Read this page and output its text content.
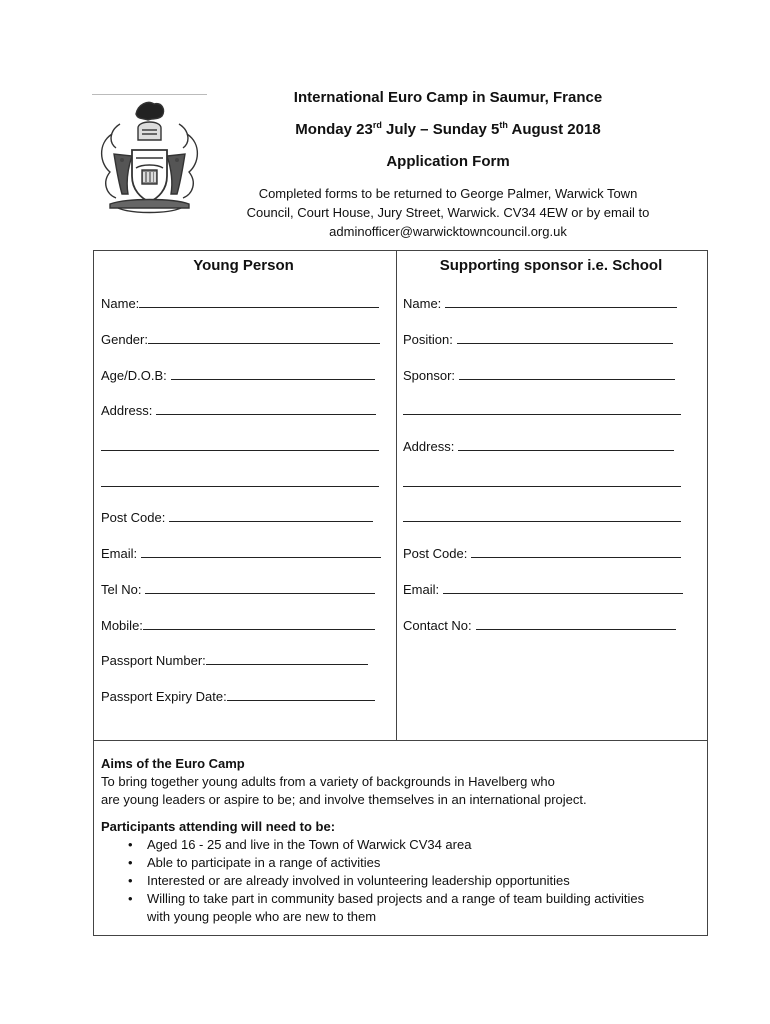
International Euro Camp in Saumur, France

Monday 23rd July – Sunday 5th August 2018

Application Form

Completed forms to be returned to George Palmer, Warwick Town
Council, Court House, Jury Street, Warwick. CV34 4EW or by email to
adminofficer@warwicktowncouncil.org.uk
Young Person
Name:
Gender:
Age/D.O.B:
Address:
Post Code:
Email:
Tel No:
Mobile:
Passport Number:
Passport Expiry Date:
Supporting sponsor i.e. School
Name:
Position:
Sponsor:
Address:
Post Code:
Email:
Contact No:
Aims of the Euro Camp
To bring together young adults from a variety of backgrounds in Havelberg who
are young leaders or aspire to be; and involve themselves in an international project.
Participants attending will need to be:
• Aged 16 - 25 and live in the Town of Warwick CV34 area
• Able to participate in a range of activities
• Interested or are already involved in volunteering leadership opportunities
• Willing to take part in community based projects and a range of team building activities
with young people who are new to them
